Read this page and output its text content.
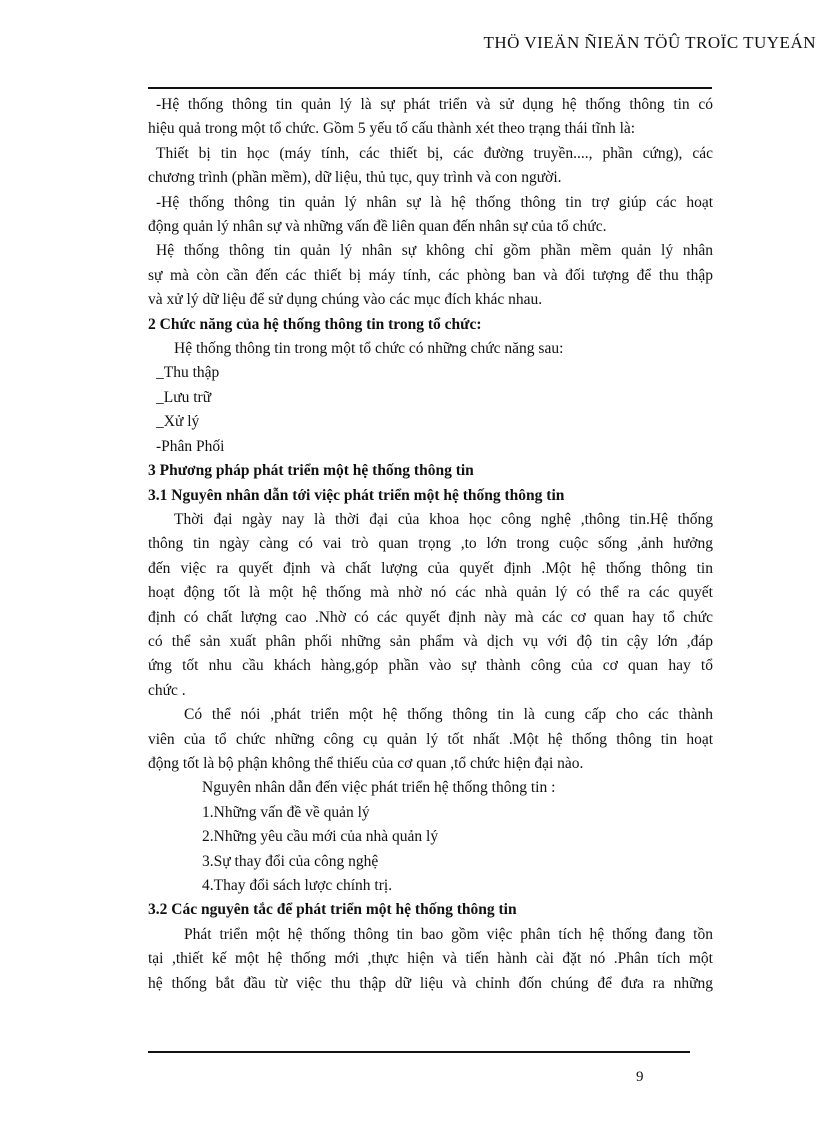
THÖ VIEÄN ÑIEÄN TÖÛ TROÏC TUYEÁN

-Hệ thống thông tin quản lý là sự phát triển và sử dụng hệ thống thông tin có

hiệu quả trong một tổ chức. Gồm 5 yếu tố cấu thành xét theo trạng thái tĩnh là:

Thiết bị tin học (máy tính, các thiết bị, các đường truyền...., phần cứng), các

chương trình (phần mềm), dữ liệu, thủ tục, quy trình và con người.

-Hệ thống thông tin quản lý nhân sự là hệ thống thông tin trợ giúp các hoạt

động quản lý nhân sự và những vấn đề liên quan đến nhân sự của tổ chức.

Hệ thống thông tin quản lý nhân sự không chỉ gồm phần mềm quản lý nhân

sự mà còn cần đến các thiết bị máy tính, các phòng ban và đối tượng để thu thập

và xử lý dữ liệu để sử dụng chúng vào các mục đích khác nhau.

2 Chức năng của hệ thống thông tin trong tổ chức:

Hệ thống thông tin trong một tổ chức có những chức năng sau:

_Thu thập

_Lưu trữ

_Xử lý

-Phân Phối

3 Phương pháp phát triển một hệ thống thông tin

3.1 Nguyên nhân dẫn tới việc phát triển một hệ thống thông tin

Thời đại ngày nay là thời đại của khoa học công nghệ ,thông tin.Hệ thống

thông tin ngày càng có vai trò quan trọng ,to lớn trong cuộc sống ,ảnh hưởng

đến việc ra quyết định và chất lượng của quyết định .Một hệ thống thông tin

hoạt động tốt là một hệ thống mà nhờ nó các nhà quản lý có thể ra các quyết

định có chất lượng cao .Nhờ có các quyết định này mà các cơ quan hay tổ chức

có thể sản xuất phân phối những sản phẩm và dịch vụ với độ tin cậy lớn ,đáp

ứng tốt nhu cầu khách hàng,góp phần vào sự thành công của cơ quan hay tổ

chức .

Có thể nói ,phát triển một hệ thống thông tin là cung cấp cho các thành

viên của tổ chức những công cụ quản lý tốt nhất .Một hệ thống thông tin hoạt

động tốt là bộ phận không thể thiếu của cơ quan ,tổ chức hiện đại nào.

Nguyên nhân dẫn đến việc phát triển hệ thống thông tin :

1.Những vấn đề về quản lý

2.Những yêu cầu mới của nhà quản lý

3.Sự thay đổi của công nghệ

4.Thay đổi sách lược chính trị.

3.2 Các nguyên tắc để phát triển một hệ thống thông tin

Phát triển một hệ thống thông tin bao gồm việc phân tích hệ thống đang tồn

tại ,thiết kế một hệ thống mới ,thực hiện và tiến hành cài đặt nó .Phân tích một

hệ thống bắt đầu từ việc thu thập dữ liệu và chỉnh đốn chúng để đưa ra những

9
